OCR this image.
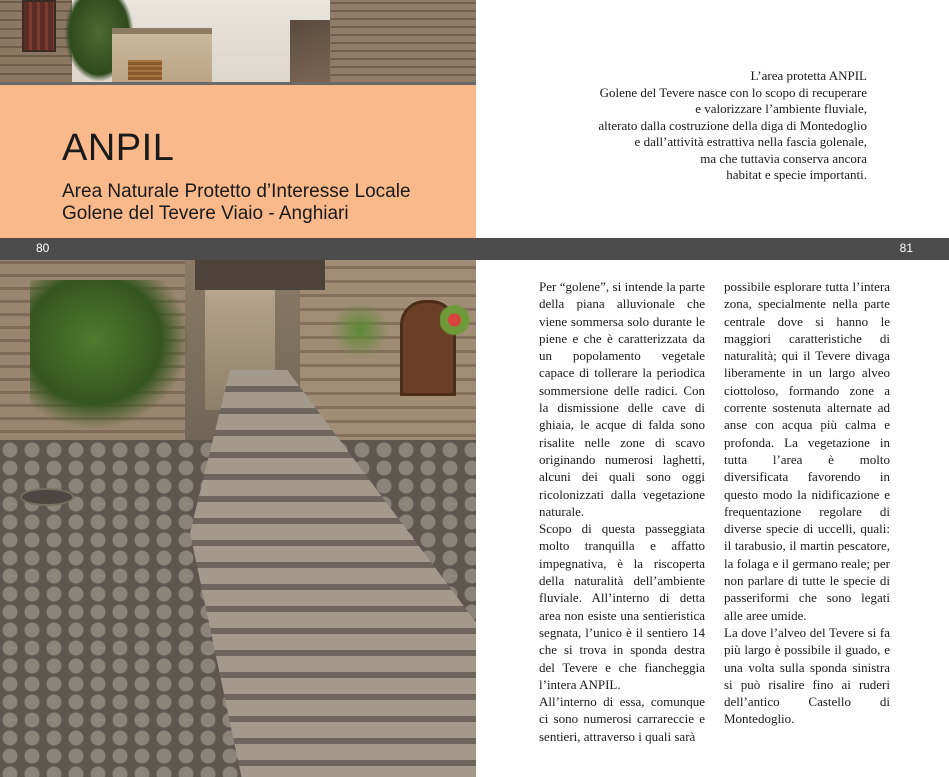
ANPIL

Area Naturale Protetto d’Interesse Locale
Golene del Tevere Viaio - Anghiari

80	81

L’area protetta ANPIL

Golene del Tevere nasce con lo scopo di recuperare

e valorizzare l’ambiente fluviale,

alterato dalla costruzione della diga di Montedoglio

e dall’attività estrattiva nella fascia golenale,

ma che tuttavia conserva ancora

habitat e specie importanti.

Per “golene”, si intende la parte della piana alluvionale che viene sommersa solo durante le piene e che è caratterizzata da un popolamento vegetale capace di tollerare la periodica sommersione delle radici. Con la dismissione delle cave di ghiaia, le acque di falda sono risalite nelle zone di scavo originando numerosi laghetti, alcuni dei quali sono oggi ricolonizzati dalla vegetazione naturale.

Scopo di questa passeggiata molto tranquilla e affatto impegnativa, è la riscoperta della naturalità dell’ambiente fluviale. All’interno di detta area non esiste una sentieristica segnata, l’unico è il sentiero 14 che si trova in sponda destra del Tevere e che fiancheggia l’intera ANPIL.

All’interno di essa, comunque ci sono numerosi carrareccie e sentieri, attraverso i quali sarà

possibile esplorare tutta l’intera zona, specialmente nella parte centrale dove si hanno le maggiori caratteristiche di naturalità; qui il Tevere divaga liberamente in un largo alveo ciottoloso, formando zone a corrente sostenuta alternate ad anse con acqua più calma e profonda. La vegetazione in tutta l’area è molto diversificata favorendo in questo modo la nidificazione e frequentazione regolare di diverse specie di uccelli, quali: il tarabusio, il martin pescatore, la folaga e il germano reale; per non parlare di tutte le specie di passeriformi che sono legati alle aree umide.

La dove l’alveo del Tevere si fa più largo è possibile il guado, e una volta sulla sponda sinistra si può risalire fino ai ruderi dell’antico Castello di Montedoglio.
